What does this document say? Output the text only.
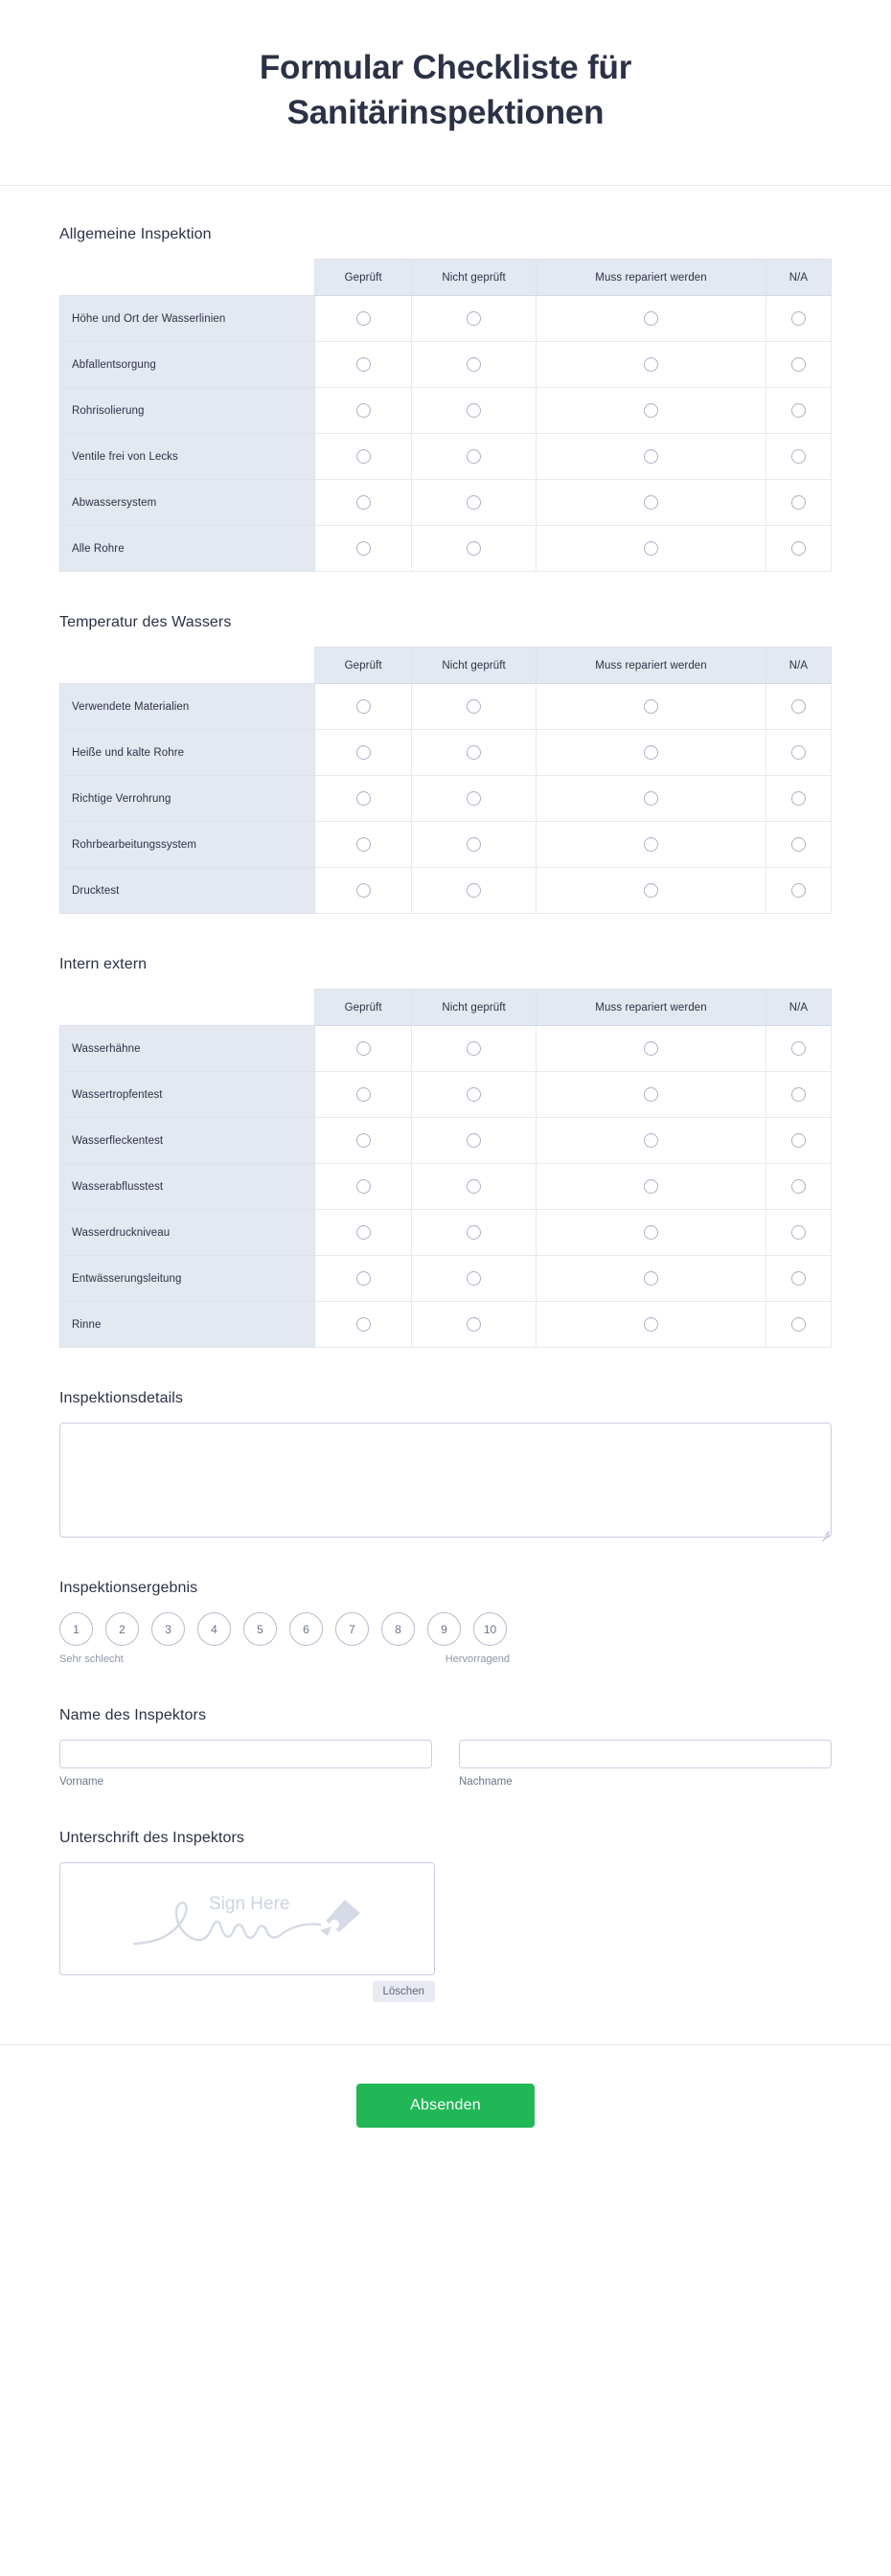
Formular Checkliste für Sanitärinspektionen
Allgemeine Inspektion
	Geprüft	Nicht geprüft	Muss repariert werden	N/A
Höhe und Ort der Wasserlinien				
Abfallentsorgung				
Rohrisolierung				
Ventile frei von Lecks				
Abwassersystem				
Alle Rohre				
Temperatur des Wassers
	Geprüft	Nicht geprüft	Muss repariert werden	N/A
Verwendete Materialien				
Heiße und kalte Rohre				
Richtige Verrohrung				
Rohrbearbeitungssystem				
Drucktest				
Intern extern
	Geprüft	Nicht geprüft	Muss repariert werden	N/A
Wasserhähne				
Wassertropfentest				
Wasserfleckentest				
Wasserabflusstest				
Wasserdruckniveau				
Entwässerungsleitung				
Rinne				
Inspektionsdetails
Inspektionsergebnis
1	2	3	4	5	6	7	8	9	10
Sehr schlecht	Hervorragend
Name des Inspektors
Vorname	Nachname
Unterschrift des Inspektors
Sign Here
Löschen
Absenden
